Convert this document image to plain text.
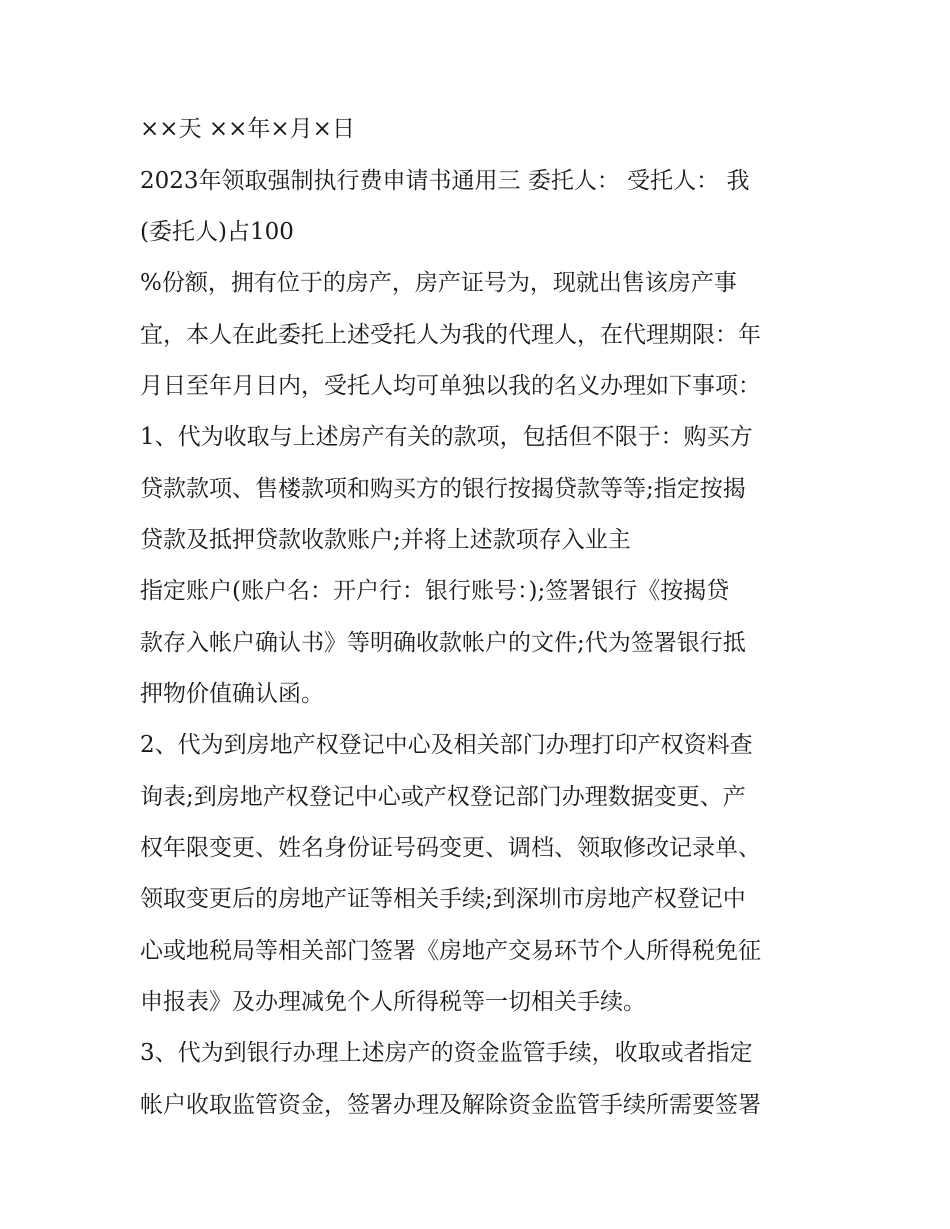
××天 ××年×月×日
2023年领取强制执行费申请书通用三 委托人： 受托人： 我
(委托人)占100
%份额，拥有位于的房产，房产证号为，现就出售该房产事
宜，本人在此委托上述受托人为我的代理人，在代理期限：年
月日至年月日内，受托人均可单独以我的名义办理如下事项：
1、代为收取与上述房产有关的款项，包括但不限于：购买方
贷款款项、售楼款项和购买方的银行按揭贷款等等;指定按揭
贷款及抵押贷款收款账户;并将上述款项存入业主
指定账户(账户名：开户行：银行账号：);签署银行《按揭贷
款存入帐户确认书》等明确收款帐户的文件;代为签署银行抵
押物价值确认函。
2、代为到房地产权登记中心及相关部门办理打印产权资料查
询表;到房地产权登记中心或产权登记部门办理数据变更、产
权年限变更、姓名身份证号码变更、调档、领取修改记录单、
领取变更后的房地产证等相关手续;到深圳市房地产权登记中
心或地税局等相关部门签署《房地产交易环节个人所得税免征
申报表》及办理减免个人所得税等一切相关手续。
3、代为到银行办理上述房产的资金监管手续，收取或者指定
帐户收取监管资金，签署办理及解除资金监管手续所需要签署
